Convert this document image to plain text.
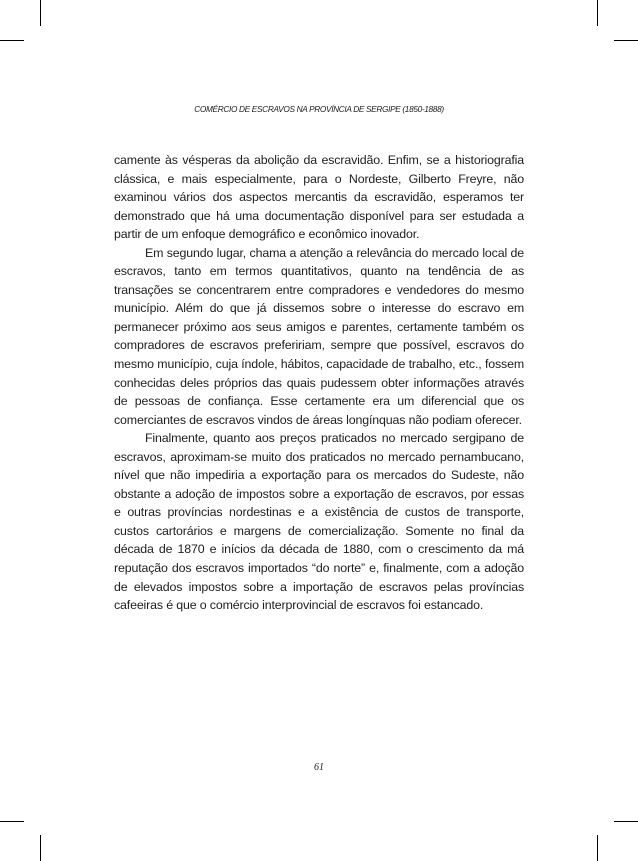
COMÉRCIO DE ESCRAVOS NA PROVÍNCIA DE SERGIPE (1850-1888)

camente às vésperas da abolição da escravidão. Enfim, se a historiografia clássica, e mais especialmente, para o Nordeste, Gilberto Freyre, não examinou vários dos aspectos mercantis da escravidão, esperamos ter demonstrado que há uma documentação disponível para ser estudada a partir de um enfoque demográfico e econômico inovador.

Em segundo lugar, chama a atenção a relevância do mercado local de escravos, tanto em termos quantitativos, quanto na tendência de as transações se concentrarem entre compradores e vendedores do mesmo município. Além do que já dissemos sobre o interesse do escravo em permanecer próximo aos seus amigos e parentes, certamente também os compradores de escravos prefeririam, sempre que possível, escravos do mesmo município, cuja índole, hábitos, capacidade de trabalho, etc., fossem conhecidas deles próprios das quais pudessem obter informações através de pessoas de confiança. Esse certamente era um diferencial que os comerciantes de escravos vindos de áreas longínquas não podiam oferecer.

Finalmente, quanto aos preços praticados no mercado sergipano de escravos, aproximam-se muito dos praticados no mercado pernambucano, nível que não impediria a exportação para os mercados do Sudeste, não obstante a adoção de impostos sobre a exportação de escravos, por essas e outras províncias nordestinas e a existência de custos de transporte, custos cartorários e margens de comercialização. Somente no final da década de 1870 e inícios da década de 1880, com o crescimento da má reputação dos escravos importados “do norte” e, finalmente, com a adoção de elevados impostos sobre a importação de escravos pelas províncias cafeeiras é que o comércio interprovincial de escravos foi estancado.

61
